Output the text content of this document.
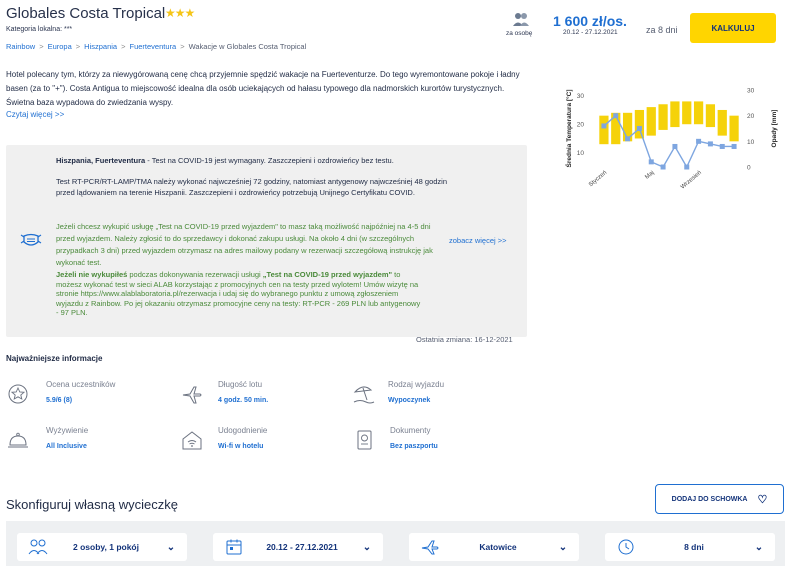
Globales Costa Tropical ★★★
Kategoria lokalna: ***
Rainbow > Europa > Hiszpania > Fuerteventura > Wakacje w Globales Costa Tropical
za osobę
1 600 zł/os.
20.12 - 27.12.2021	za 8 dni	KALKULUJ
Hotel polecany tym, którzy za niewygórowaną cenę chcą przyjemnie spędzić wakacje na Fuerteventurze. Do tego wyremontowane pokoje i ładny basen (za to "+"). Costa Antigua to miejscowość idealna dla osób uciekających od hałasu typowego dla nadmorskich kurortów turystycznych. Świetna baza wypadowa do zwiedzania wyspy.
Czytaj więcej >>
Hiszpania, Fuerteventura - Test na COVID-19 jest wymagany. Zaszczepieni i ozdrowieńcy bez testu.
Test RT-PCR/RT-LAMP/TMA należy wykonać najwcześniej 72 godziny, natomiast antygenowy najwcześniej 48 godzin przed lądowaniem na terenie Hiszpanii. Zaszczepieni i ozdrowieńcy potrzebują Unijnego Certyfikatu COVID.
Jeżeli chcesz wykupić usługę „Test na COVID-19 przed wyjazdem" to masz taką możliwość najpóźniej na 4-5 dni przed wyjazdem. Należy zgłosić to do sprzedawcy i dokonać zakupu usługi. Na około 4 dni (w szczególnych przypadkach 3 dni) przed wyjazdem otrzymasz na adres mailowy podany w rezerwacji szczegółową instrukcję jak wykonać test.
zobacz więcej >>
Jeżeli nie wykupiłeś podczas dokonywania rezerwacji usługi „Test na COVID-19 przed wyjazdem" to możesz wykonać test w sieci ALAB korzystając z promocyjnych cen na testy przed wylotem! Umów wizytę na stronie https://www.alablaboratoria.pl/rezerwacja i udaj się do wybranego punktu z umową zgłoszeniem wyjazdu z Rainbow. Po jej okazaniu otrzymasz promocyjne ceny na testy: RT-PCR - 269 PLN lub antygenowy - 97 PLN.
Ostatnia zmiana: 16-12-2021
30
20
10
30
20
10
0
Średnia Temperatura [°C]	Opady [mm]
Styczeń	Maj	Wrzesień
Najważniejsze informacje
Ocena uczestników
5.9/6 (8)
Długość lotu
4 godz. 50 min.
Rodzaj wyjazdu
Wypoczynek
Wyżywienie
All Inclusive
Udogodnienie
Wi-fi w hotelu
Dokumenty
Bez paszportu
Skonfiguruj własną wycieczkę	DODAJ DO SCHOWKA ♡
2 osoby, 1 pokój	⌄	20.12 - 27.12.2021	⌄	Katowice	⌄	8 dni	⌄
